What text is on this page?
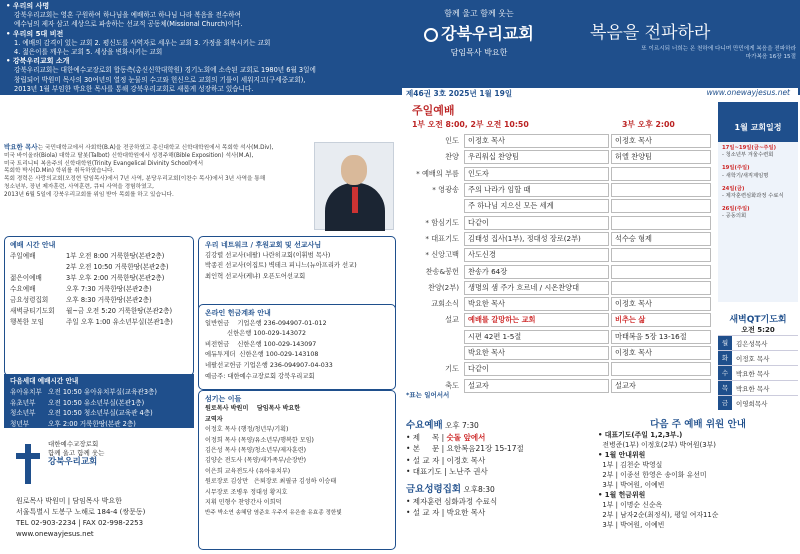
• 우리의 사명
강북우리교회는 영혼 구원하여 하나님을 예배하고 하나님 나라 복음을 전수하여
예수님의 제자 삼고 세상으로 파송하는 선교적 공동체(Missional Church)이다.
• 우리의 5대 비전
1. 예배의 감격이 있는 교회 2. 평신도를 사역자로 세우는 교회 3. 가정을 회복시키는 교회
4. 젊은이를 깨우는 교회 5. 세상을 변화시키는 교회
• 강북우리교회 소개
강북우리교회는 대한예수교장로회 합동측(총신신학대학원) 경기노회에 소속된 교회로 1980년 6월 3일에
창립되어 박원미 목사의 30여년의 열정 눈물의 수고와 헌신으로 교회의 기틀이 세워지고(구세중교회),
2013년 1월 부임한 박요한 목사를 통해 강북우리교회로 새롭게 성장하고 있습니다.
함께 울고 함께 웃는
강북우리교회
담임목사 박요한
복음을 전파하라
또 이르시되 너희는 온 천하에 다니며 만민에게 복음을 전파하라
마가복음 16장 15절
제46권 3호 2025년 1월 19일	www.onewayjesus.net
박요한 목사는 국민대학교에서 사회학(B.A)을 전공하였고 총신대학교 신학대학원에서 목회학 석사(M.Div),
미국 바이올라(Biola) 대학교 탈봇(Talbot) 신학대학원에서 성경주해(Bible Exposition) 석사(M.A),
미국 트리니티 복음주의 신학대학원(Trinity Evangelical Divinity School)에서
목회학 박사(D.Min) 학위를 취득하였습니다.
목회 경력은 사랑의교회(오정현 담임목사)에서 7년 사역, 분당우리교회(이찬수 목사)에서 3년 사역을 통해
청소년부, 장년 제자훈련, 사역훈련, 큐티 사역을 경험하였고,
2013년 6월 5일에 강북우리교회를 위임 받아 목회를 하고 있습니다.
예배 시간 안내
주일예배	1부 오전 8:00 거룩한땅(본관2층)
2부 오전 10:50 거룩한땅(본관2층)
젊은이예배	3부 오후 2:00 거룩한땅(본관2층)
수요예배	오후 7:30 거룩한땅(본관2층)
금요성령집회	오후 8:30 거룩한땅(본관2층)
새벽큐티기도회 월~금 오전 5:20 거룩한땅(본관2층)
행복한 모임	주일 오후 1:00 유소년부실(본관1층)
다음세대 예배시간 안내
유아유치부 오전 10:50 유아유치부실(교육관3층)
유초년부 오전 10:50 유소년부실(본관1층)
청소년부 오전 10:50 청소년부실(교육관 4층)
청년부	오후 2:00 거룩한땅(본관 2층)
대한예수교장로회
함께 울고 함께 웃는
강북우리교회
원로목사 박원미 | 담임목사 박요한
서울특별시 도봉구 노해로 184-4 (쌍문동)
TEL 02-903-2234 | FAX 02-998-2253
www.onewayjesus.net
우리 네트워크 / 후원교회 및 선교사님
김강렬 선교사(네팔) 나란히교회(이휘범 목사)
박종진 선교사(이집트) 벽테크 피니느(뉴아프리카 선교)
최인혁 선교사(케냐) 오픈도어선교회
온라인 헌금계좌 안내
일반헌금    기업은행 236-094907-01-012
신한은행 100-029-143072
비전헌금    신한은행 100-029-143097
에듀투게더  신한은행 100-029-143108
네팔선교헌금 기업은행 236-094907-04-033
예금주: 대한예수교장로회 강북우리교회
섬기는 이들
원로목사 박원미    담임목사 박요한
교역자
이정호 목사 (행정/청년부/기획)
이정희 목사 (목양/유소년부/행복한 모임)
김은성 목사 (목양/청소년부/제자훈련)
김양순 전도사 (목양/새가족부/순장반)
이은희 교육전도사 (유아유치부)
원로장로 김상만   은퇴장로 최필규 김성하 이승태
시무장로 조병우 정대성 황지호
지휘 민형수 찬양간사 이희덕
반주 박소연 송혜담 염준호 우주지 유은솔 유효종 정한빛
주일예배
1부 오전 8:00, 2부 오전 10:50	3부 오후 2:00
인도	이정호 목사	이정호 목사
찬양	우리워십 찬양팀	허엘 찬양팀
* 예배의 부름	인도자
* 영광송	주의 나라가 임할 때
주 하나님 지으신 모든 세계
* 함심기도	다같이
* 대표기도	김태성 집사(1부), 정대성 장로(2부)	석수승 형제
* 신앙고백	사도신경
찬송&봉헌	찬송가 64장
찬양(2부)	생명의 샘 주가 흐르네 / 시온찬양대
교회소식	박요한 목사	이정호 목사
설교	예배를 갈망하는 교회	비추는 삶
시편 42편 1-5절	마태복음 5장 13-16절
박요한 목사	이정호 목사
기도	다같이
축도	설교자	설교자
*표는 일어서서
1월 교회일정
17일~19일(금~주일)
- 청소년부 겨울수련회
19일(주일)
- 새학기/새직제임명
24일(금)
- 제자훈련심화과정 수료식
26일(주일)
- 공동의회
새벽QT기도회
오전 5:20
월	김은성목사
화	이정호 목사
수	박요한 목사
목	박요한 목사
금	이영희목사
수요예배 오후 7:30
• 제     목 | 숫돌 앞에서
• 본     문 | 요한복음21장 15-17절
• 설 교 자 | 이정호 목사
• 대표기도 | 노난주 권사
금요성령집회 오후8:30
• 제자훈련 심화과정 수료식
• 설 교 자 | 박요한 목사
다음 주 예배 위원 안내
• 대표기도(주일 1,2,3부.)
전병준(1부) 이정호(2부) 박여원(3부)
• 1월 안내위원
1부 | 김천순 박영실
2부 | 이종선 한영은 송이화 유선미
3부 | 박여원, 이예빈
• 1월 헌금위원
1부 | 이명순 신순옥
2부 | 남자2순(최정식), 평일 여자11순
3부 | 박여원, 이예빈
